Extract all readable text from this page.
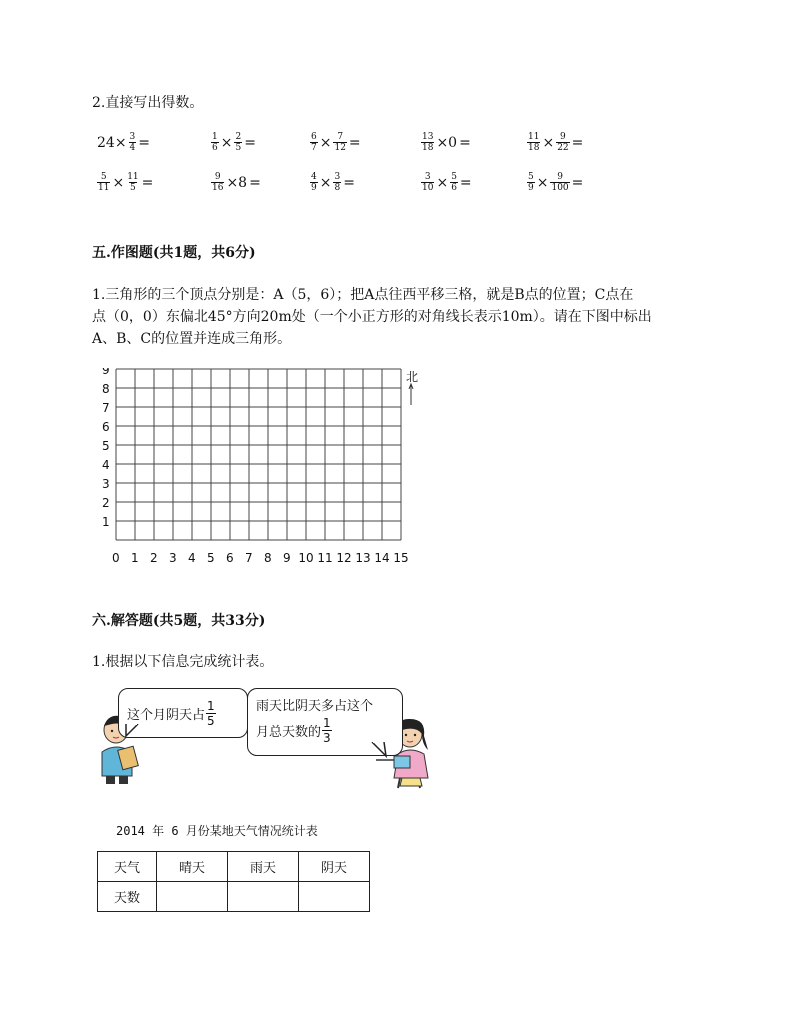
2.直接写出得数。
$24\times \frac{3}{4}$ =	$\frac{1}{6} \times \frac{2}{5}$ =	$\frac{6}{7} \times \frac{7}{12}$ =	$\frac{13}{18} \times 0$ =	$\frac{11}{18} \times \frac{9}{22}$ =
$\frac{5}{11} \times \frac{11}{5}$ =	$\frac{9}{16} \times 8$ =	$\frac{4}{9} \times \frac{3}{8}$ =	$\frac{3}{10} \times \frac{5}{6}$ =	$\frac{5}{9} \times \frac{9}{100}$ =
五.作图题(共1题，共6分)
1.三角形的三个顶点分别是：A（5，6）；把A点往西平移三格，就是B点的位置；C点在
点（0，0）东偏北45°方向20m处（一个小正方形的对角线长表示10m）。请在下图中标出
A、B、C的位置并连成三角形。
0 1 2 3 4 5 6 7 8 9 10 11 12 13 14 15
1
2
3
4
5
6
7
8
9	北
六.解答题(共5题，共33分)
1.根据以下信息完成统计表。
这个月阴天占 $\frac{1}{5}$	雨天比阴天多占这个
月总天数的 $\frac{1}{3}$
2014 年 6 月份某地天气情况统计表
天气	晴天	雨天	阴天
天数			
